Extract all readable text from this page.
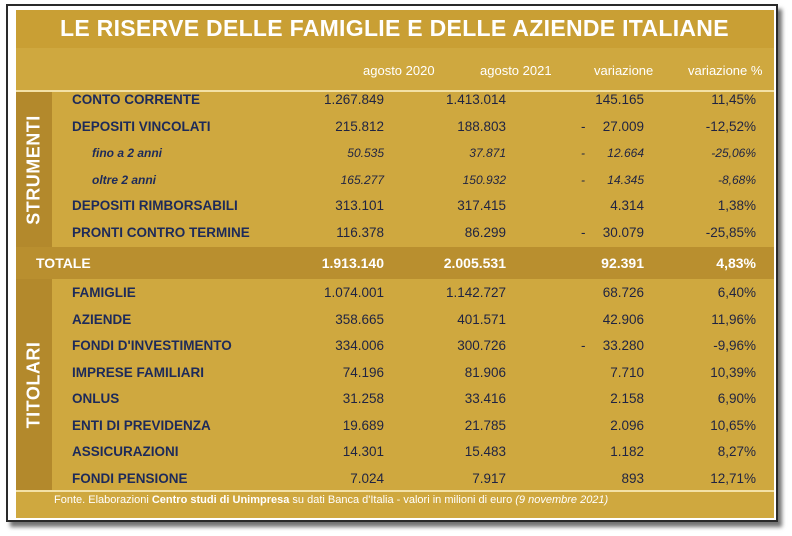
LE RISERVE DELLE FAMIGLIE E DELLE AZIENDE ITALIANE
agosto 2020	agosto 2021	variazione	variazione %
STRUMENTI
CONTO CORRENTE	1.267.849	1.413.014	145.165	11,45%
DEPOSITI VINCOLATI	215.812	188.803	- 27.009	-12,52%
fino a 2 anni	50.535	37.871	- 12.664	-25,06%
oltre 2 anni	165.277	150.932	- 14.345	-8,68%
DEPOSITI RIMBORSABILI	313.101	317.415	4.314	1,38%
PRONTI CONTRO TERMINE	116.378	86.299	- 30.079	-25,85%
TOTALE	1.913.140	2.005.531	92.391	4,83%
TITOLARI
FAMIGLIE	1.074.001	1.142.727	68.726	6,40%
AZIENDE	358.665	401.571	42.906	11,96%
FONDI D'INVESTIMENTO	334.006	300.726	- 33.280	-9,96%
IMPRESE FAMILIARI	74.196	81.906	7.710	10,39%
ONLUS	31.258	33.416	2.158	6,90%
ENTI DI PREVIDENZA	19.689	21.785	2.096	10,65%
ASSICURAZIONI	14.301	15.483	1.182	8,27%
FONDI PENSIONE	7.024	7.917	893	12,71%
Fonte. Elaborazioni Centro studi di Unimpresa su dati Banca d'Italia - valori in milioni di euro (9 novembre 2021)
